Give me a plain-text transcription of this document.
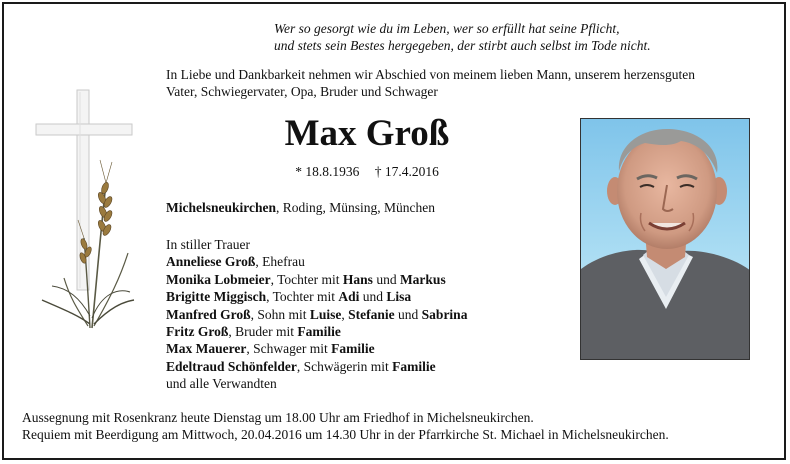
Wer so gesorgt wie du im Leben, wer so erfüllt hat seine Pflicht,
und stets sein Bestes hergegeben, der stirbt auch selbst im Tode nicht.
In Liebe und Dankbarkeit nehmen wir Abschied von meinem lieben Mann, unserem herzensguten
Vater, Schwiegervater, Opa, Bruder und Schwager
Max Groß
* 18.8.1936 † 17.4.2016
Michelsneukirchen, Roding, Münsing, München
In stiller Trauer
Anneliese Groß, Ehefrau
Monika Lobmeier, Tochter mit Hans und Markus
Brigitte Miggisch, Tochter mit Adi und Lisa
Manfred Groß, Sohn mit Luise, Stefanie und Sabrina
Fritz Groß, Bruder mit Familie
Max Mauerer, Schwager mit Familie
Edeltraud Schönfelder, Schwägerin mit Familie
und alle Verwandten
Aussegnung mit Rosenkranz heute Dienstag um 18.00 Uhr am Friedhof in Michelsneukirchen.
Requiem mit Beerdigung am Mittwoch, 20.04.2016 um 14.30 Uhr in der Pfarrkirche St. Michael in Michelsneukirchen.
